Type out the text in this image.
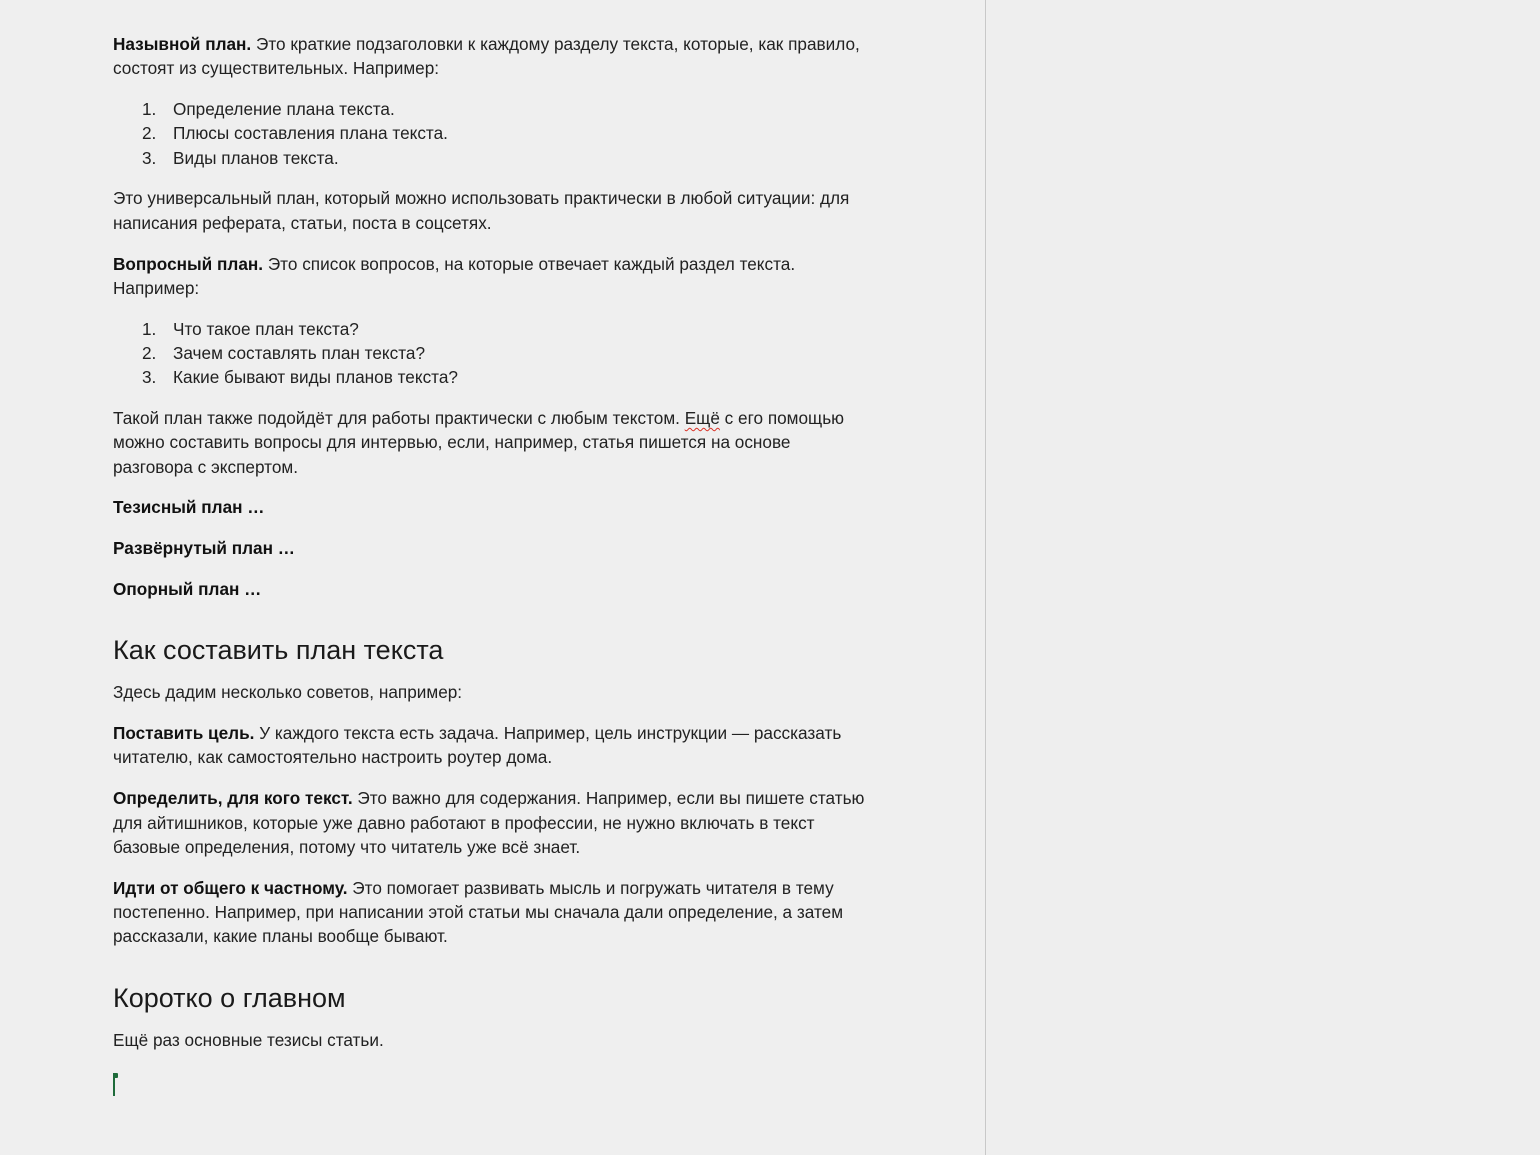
Назывной план. Это краткие подзаголовки к каждому разделу текста, которые, как правило, состоят из существительных. Например:

1. Определение плана текста.
2. Плюсы составления плана текста.
3. Виды планов текста.

Это универсальный план, который можно использовать практически в любой ситуации: для написания реферата, статьи, поста в соцсетях.

Вопросный план. Это список вопросов, на которые отвечает каждый раздел текста. Например:

1. Что такое план текста?
2. Зачем составлять план текста?
3. Какие бывают виды планов текста?

Такой план также подойдёт для работы практически с любым текстом. Ещё с его помощью можно составить вопросы для интервью, если, например, статья пишется на основе разговора с экспертом.

Тезисный план …

Развёрнутый план …

Опорный план …

Как составить план текста

Здесь дадим несколько советов, например:

Поставить цель. У каждого текста есть задача. Например, цель инструкции — рассказать читателю, как самостоятельно настроить роутер дома.

Определить, для кого текст. Это важно для содержания. Например, если вы пишете статью для айтишников, которые уже давно работают в профессии, не нужно включать в текст базовые определения, потому что читатель уже всё знает.

Идти от общего к частному. Это помогает развивать мысль и погружать читателя в тему постепенно. Например, при написании этой статьи мы сначала дали определение, а затем рассказали, какие планы вообще бывают.

Коротко о главном

Ещё раз основные тезисы статьи.
